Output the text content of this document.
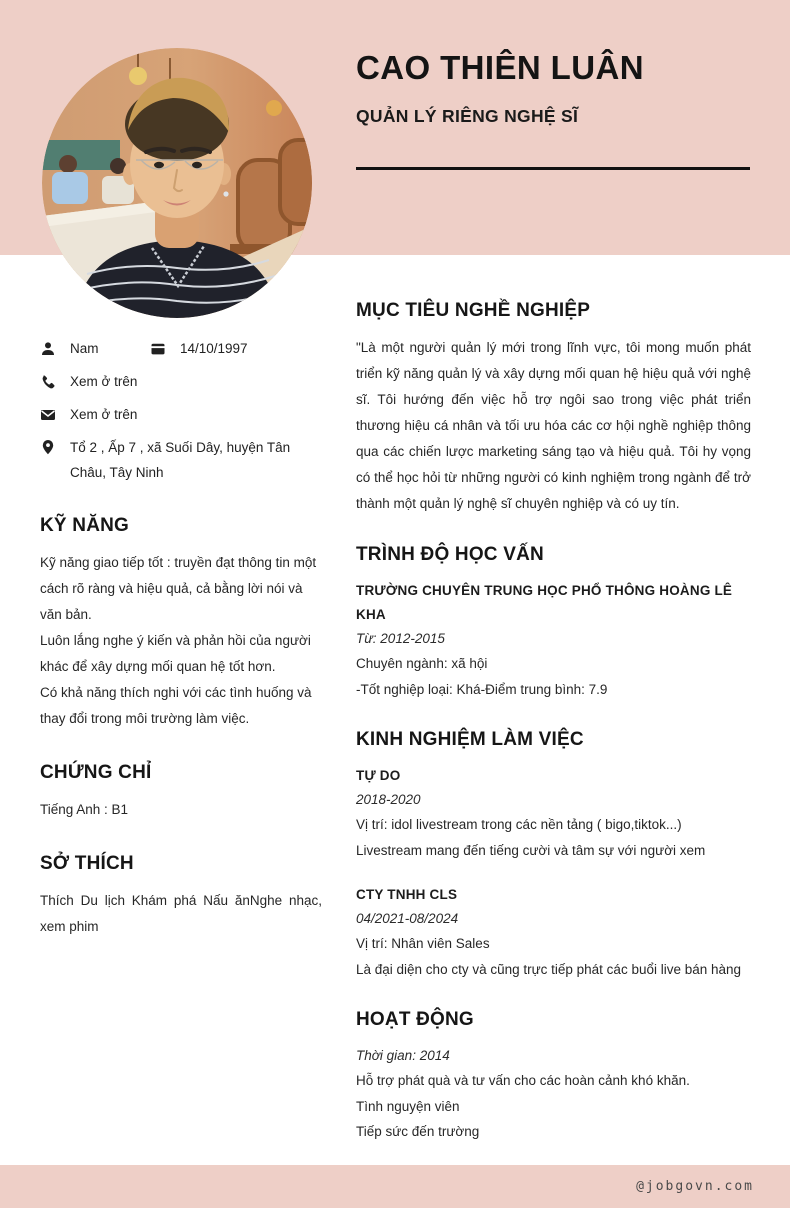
CAO THIÊN LUÂN
QUẢN LÝ RIÊNG NGHỆ SĨ
Nam	14/10/1997
Xem ở trên
Xem ở trên
Tổ 2 , Ấp 7 , xã Suối Dây, huyện Tân Châu, Tây Ninh
KỸ NĂNG
Kỹ năng giao tiếp tốt : truyền đạt thông tin một cách rõ ràng và hiệu quả, cả bằng lời nói và văn bản.
Luôn lắng nghe ý kiến và phản hồi của người khác để xây dựng mối quan hệ tốt hơn.
Có khả năng thích nghi với các tình huống và thay đổi trong môi trường làm việc.
CHỨNG CHỈ
Tiếng Anh : B1
SỞ THÍCH
Thích Du lịch Khám phá Nấu ănNghe nhạc, xem phim
MỤC TIÊU NGHỀ NGHIỆP

"Là một người quản lý mới trong lĩnh vực, tôi mong muốn phát triển kỹ năng quản lý và xây dựng mối quan hệ hiệu quả với nghệ sĩ. Tôi hướng đến việc hỗ trợ ngôi sao trong việc phát triển thương hiệu cá nhân và tối ưu hóa các cơ hội nghề nghiệp thông qua các chiến lược marketing sáng tạo và hiệu quả. Tôi hy vọng có thể học hỏi từ những người có kinh nghiệm trong ngành để trở thành một quản lý nghệ sĩ chuyên nghiệp và có uy tín.

TRÌNH ĐỘ HỌC VẤN
TRƯỜNG CHUYÊN TRUNG HỌC PHỔ THÔNG HOÀNG LÊ KHA
Từ: 2012-2015
Chuyên ngành: xã hội
-Tốt nghiệp loại: Khá-Điểm trung bình: 7.9
KINH NGHIỆM LÀM VIỆC
TỰ DO
2018-2020
Vị trí: idol livestream trong các nền tảng ( bigo,tiktok...)
Livestream mang đến tiếng cười và tâm sự với người xem
CTY TNHH CLS
04/2021-08/2024
Vị trí: Nhân viên Sales
Là đại diện cho cty và cũng trực tiếp phát các buổi live bán hàng
HOẠT ĐỘNG
Thời gian: 2014
Hỗ trợ phát quà và tư vấn cho các hoàn cảnh khó khăn.
Tình nguyện viên
Tiếp sức đến trường
@jobgovn.com
